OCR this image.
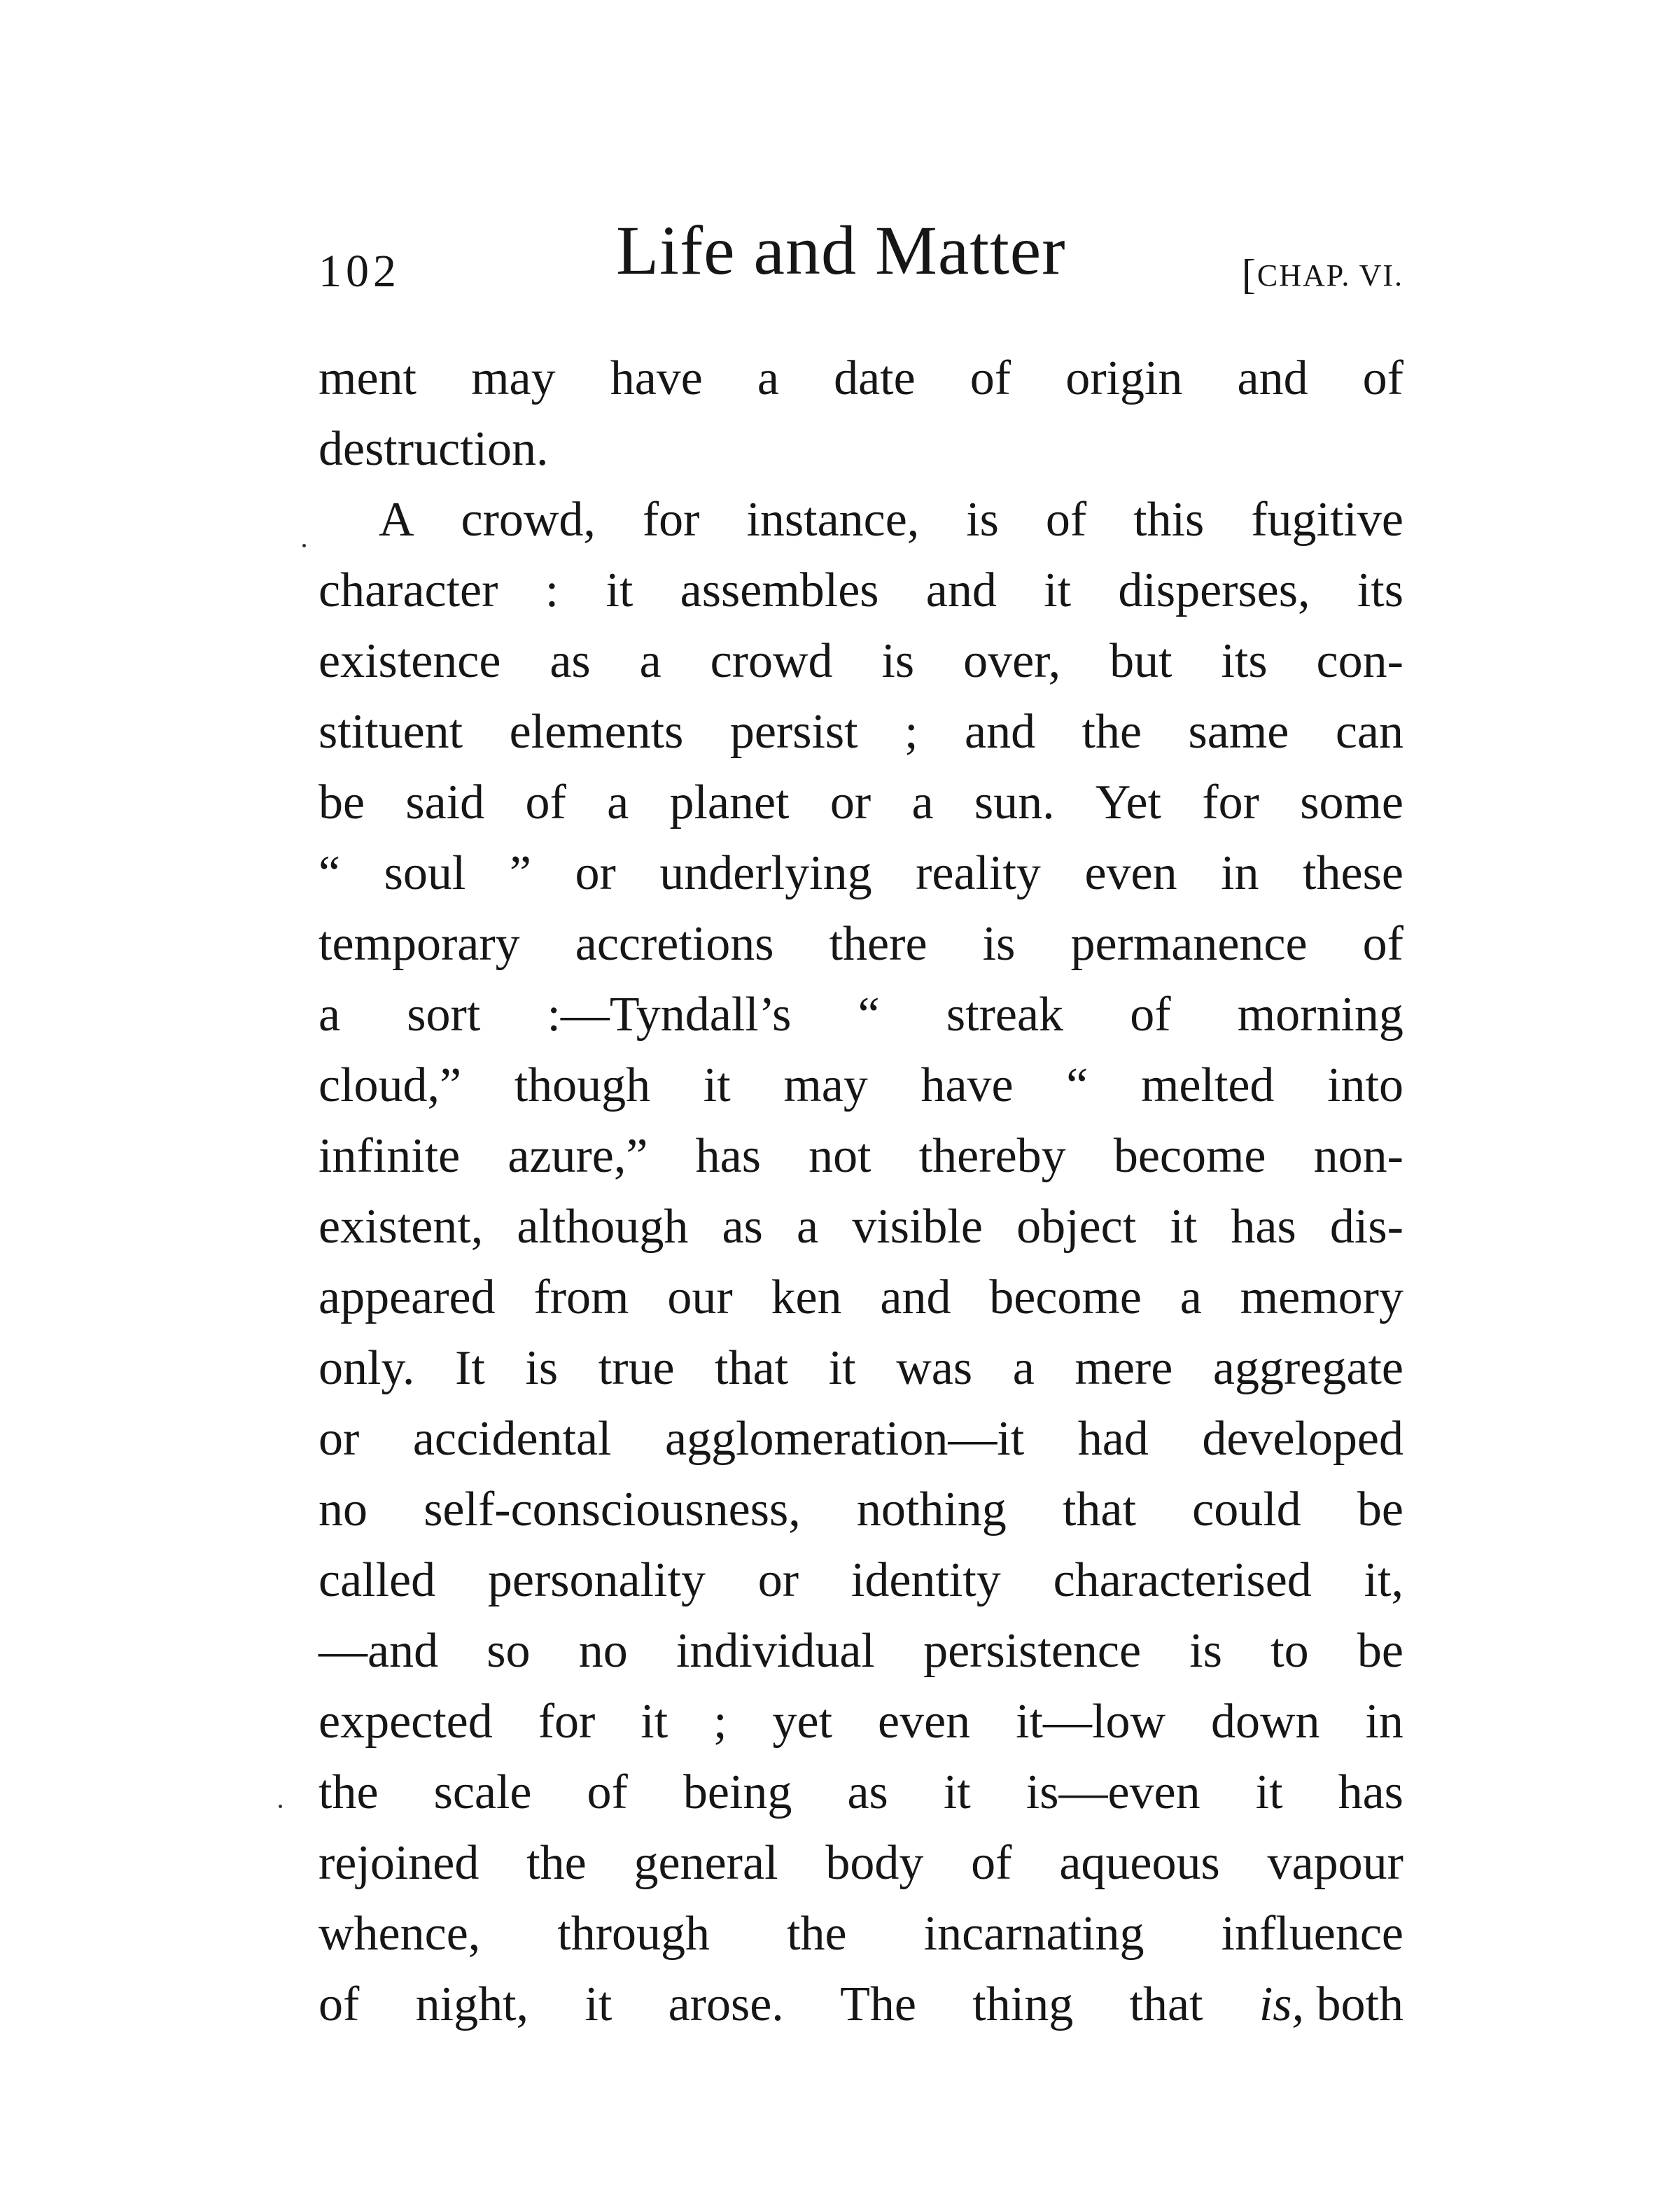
102	Life and Matter	[CHAP. VI.
ment may have a date of origin and of
destruction.
A crowd, for instance, is of this fugitive
character : it assembles and it disperses, its
existence as a crowd is over, but its con-
stituent elements persist ; and the same can
be said of a planet or a sun. Yet for some
“ soul ” or underlying reality even in these
temporary accretions there is permanence of
a sort :—Tyndall’s “ streak of morning
cloud,” though it may have “ melted into
infinite azure,” has not thereby become non-
existent, although as a visible object it has dis-
appeared from our ken and become a memory
only. It is true that it was a mere aggregate
or accidental agglomeration—it had developed
no self-consciousness, nothing that could be
called personality or identity characterised it,
—and so no individual persistence is to be
expected for it ; yet even it—low down in
the scale of being as it is—even it has
rejoined the general body of aqueous vapour
whence, through the incarnating influence
of night, it arose. The thing that is, both
